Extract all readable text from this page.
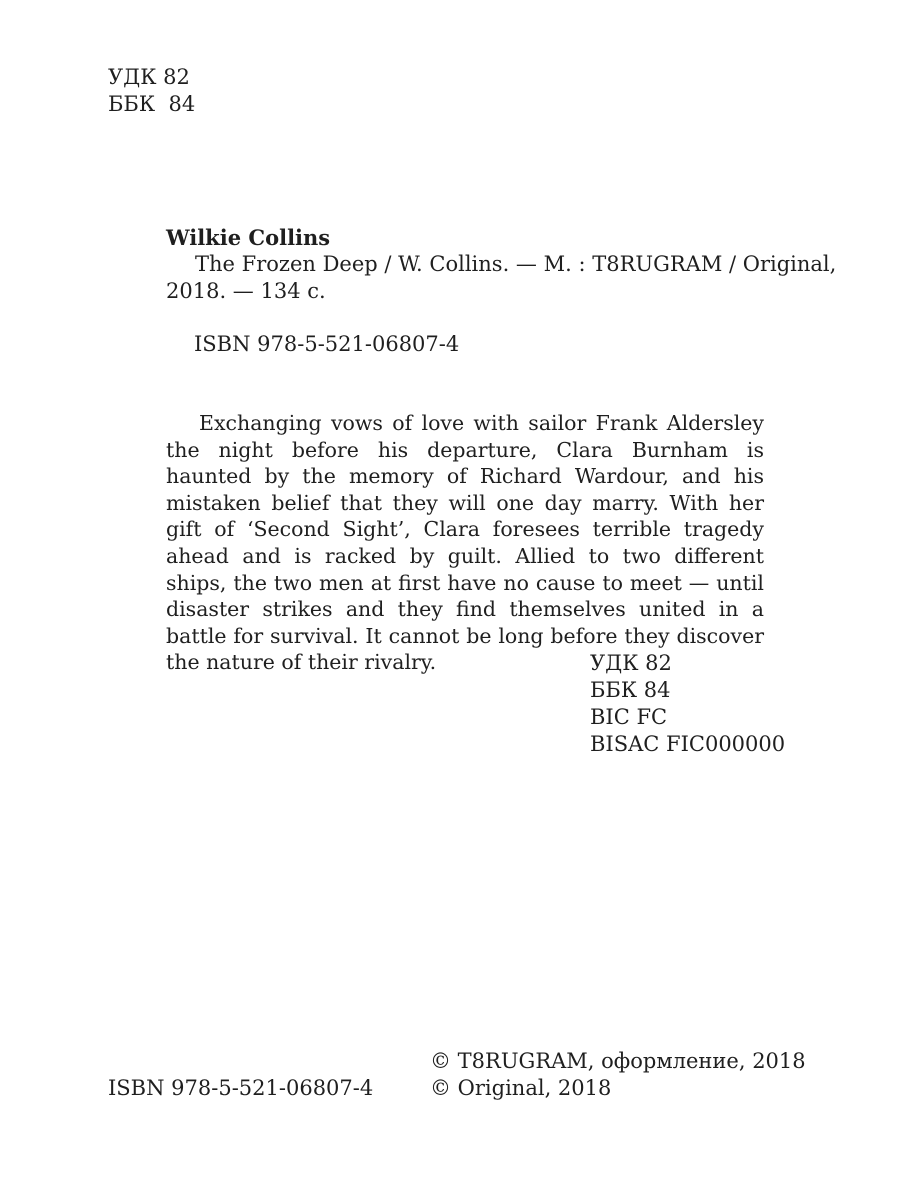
УДК 82
ББК  84
Wilkie Collins
The Frozen Deep / W. Collins. — M. : T8RUGRAM / Original,
2018. — 134 c.
ISBN 978-5-521-06807-4
Exchanging vows of love with sailor Frank Aldersley the night before his departure, Clara Burnham is haunted by the memory of Richard Wardour, and his mistaken belief that they will one day marry. With her gift of ‘Second Sight’, Clara foresees terrible tragedy ahead and is racked by guilt. Allied to two different ships, the two men at first have no cause to meet — until disaster strikes and they find themselves united in a battle for survival. It cannot be long before they discover the nature of their rivalry.	УДК 82
ББК 84
BIC FC
BISAC FIC000000
ISBN 978-5-521-06807-4
© T8RUGRAM, оформление, 2018
© Original, 2018
